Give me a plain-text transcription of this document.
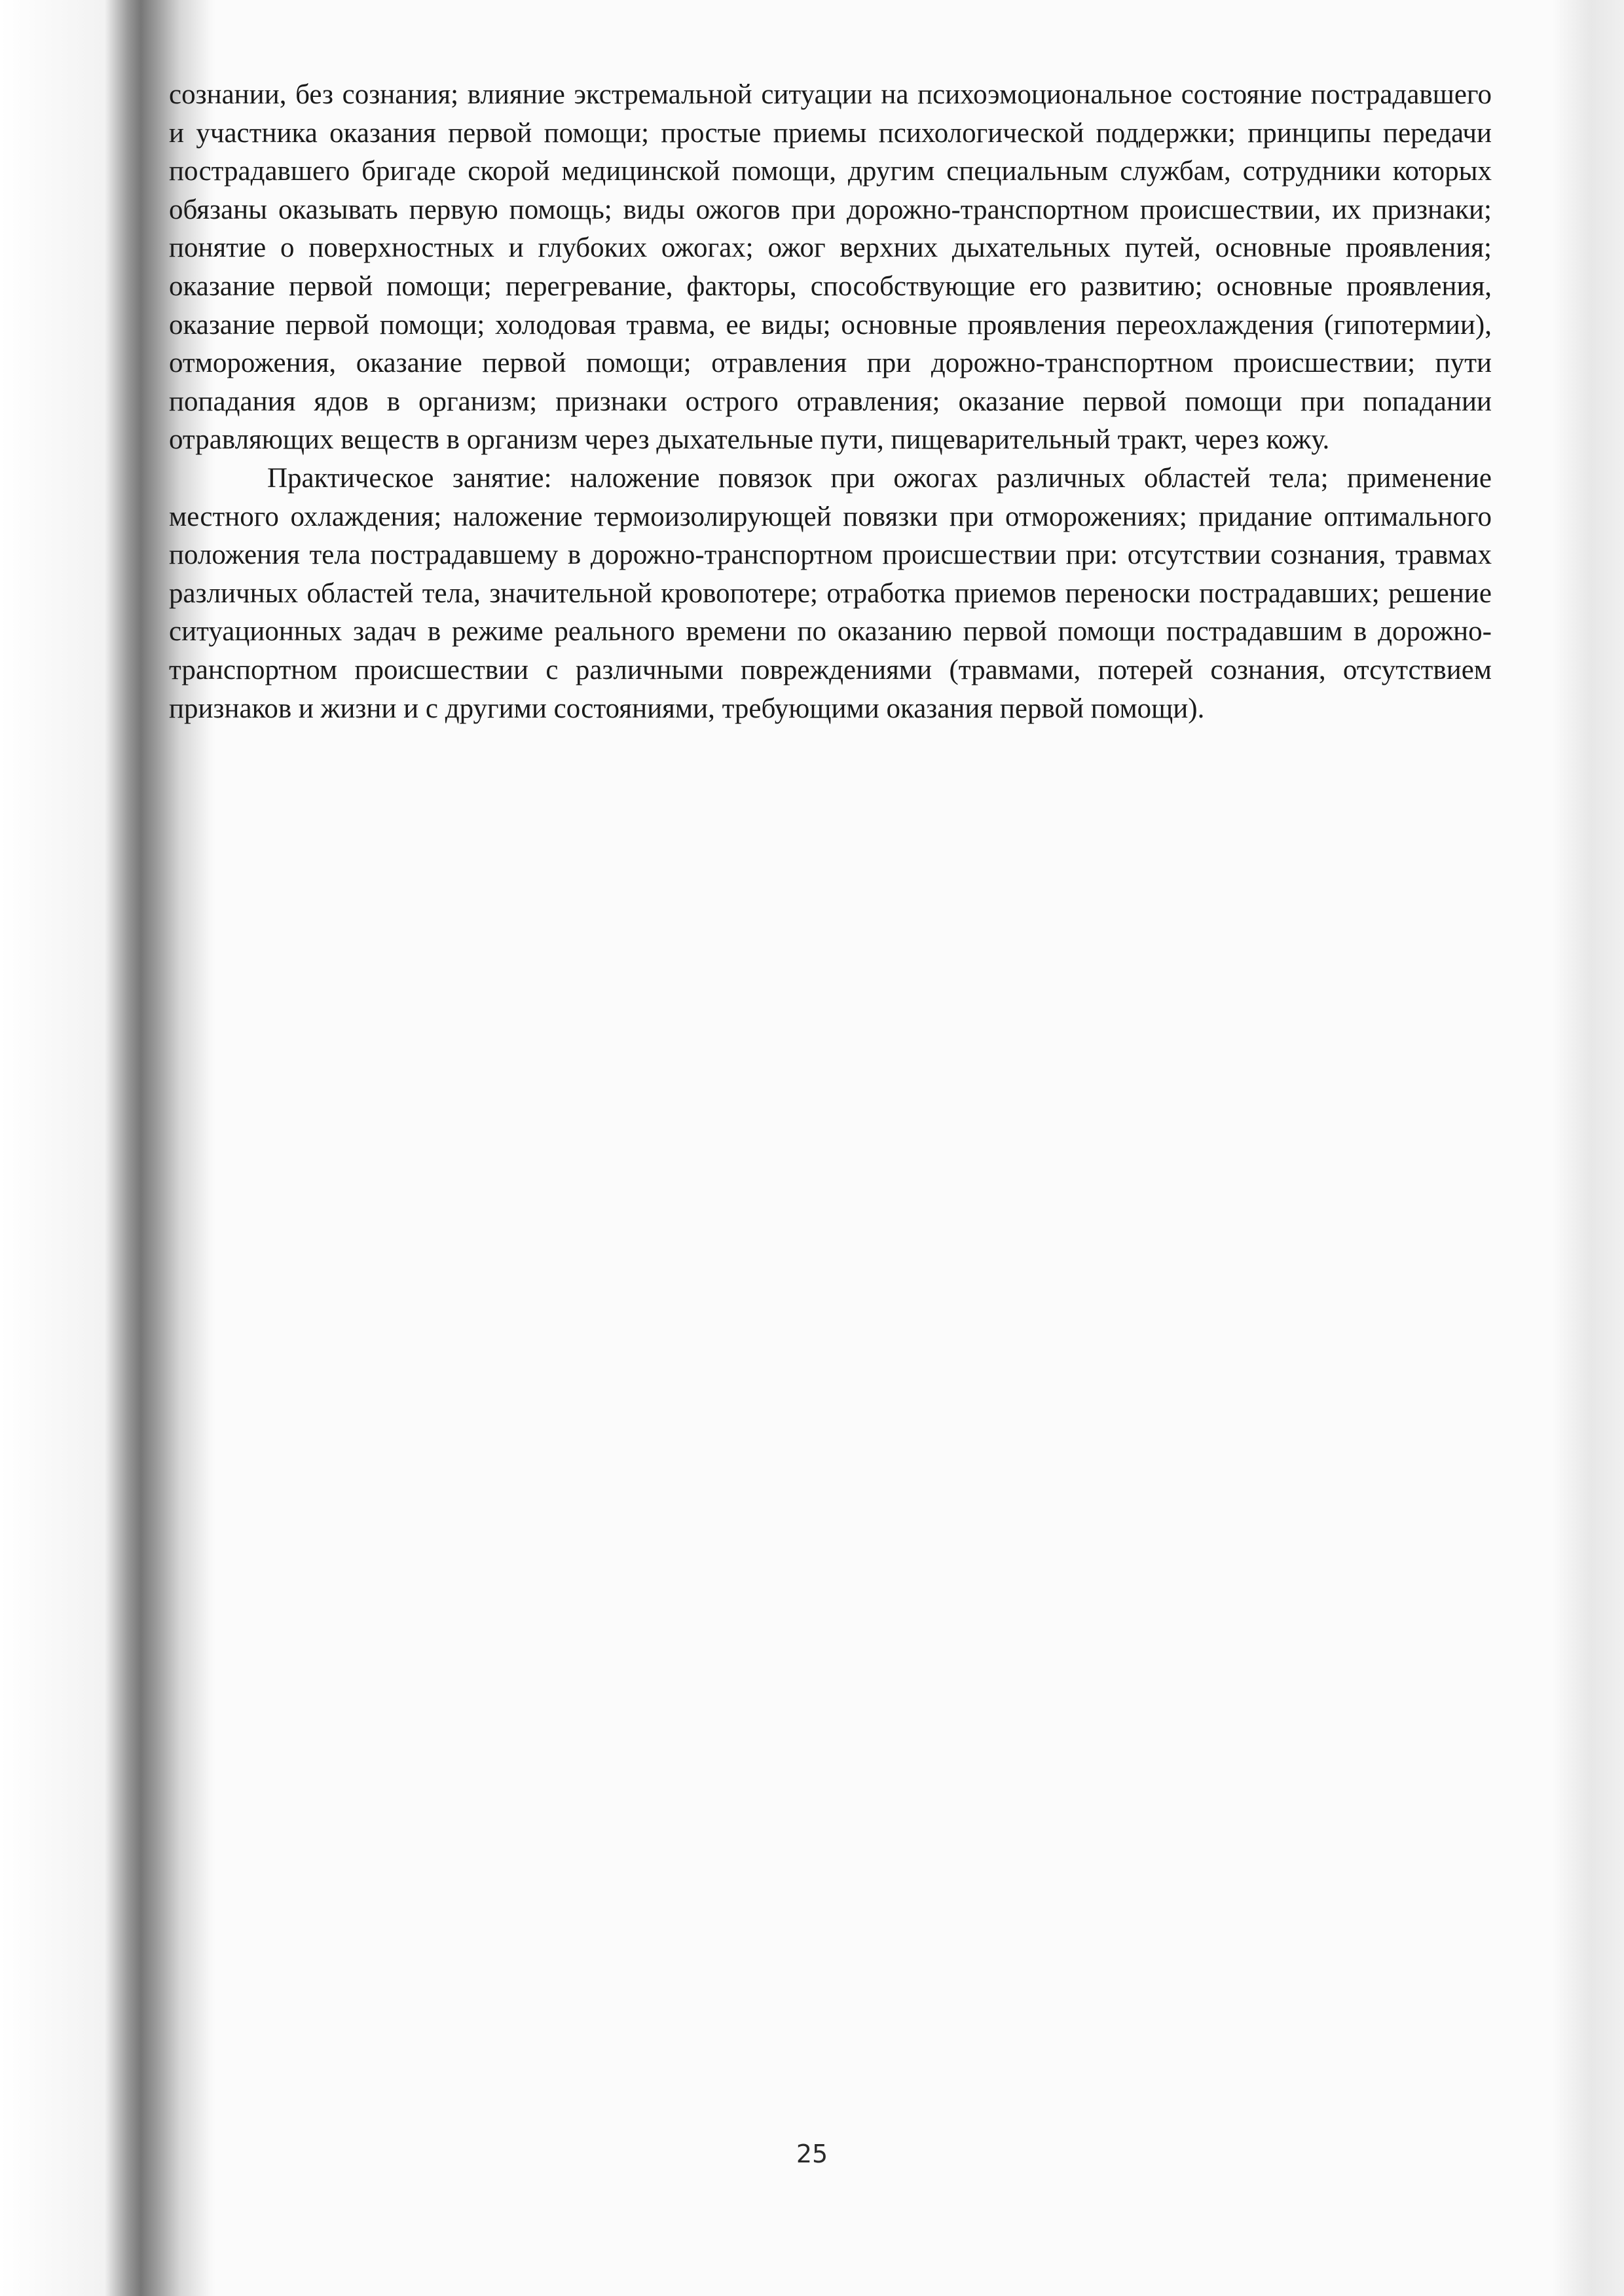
сознании, без сознания; влияние экстремальной ситуации на психоэмоциональное состояние пострадавшего и участника оказания первой помощи; простые приемы психологической поддержки; принципы передачи пострадавшего бригаде скорой медицинской помощи, другим специальным службам, сотрудники которых обязаны оказывать первую помощь; виды ожогов при дорожно-транспортном происшествии, их признаки; понятие о поверхностных и глубоких ожогах; ожог верхних дыхательных путей, основные проявления; оказание первой помощи; перегревание, факторы, способствующие его развитию; основные проявления, оказание первой помощи; холодовая травма, ее виды; основные проявления переохлаждения (гипотермии), отморожения, оказание первой помощи; отравления при дорожно-транспортном происшествии; пути попадания ядов в организм; признаки острого отравления; оказание первой помощи при попадании отравляющих веществ в организм через дыхательные пути, пищеварительный тракт, через кожу.

Практическое занятие: наложение повязок при ожогах различных областей тела; применение местного охлаждения; наложение термоизолирующей повязки при отморожениях; придание оптимального положения тела пострадавшему в дорожно-транспортном происшествии при: отсутствии сознания, травмах различных областей тела, значительной кровопотере; отработка приемов переноски пострадавших; решение ситуационных задач в режиме реального времени по оказанию первой помощи пострадавшим в дорожно-транспортном происшествии с различными повреждениями (травмами, потерей сознания, отсутствием признаков и жизни и с другими состояниями, требующими оказания первой помощи).

25
